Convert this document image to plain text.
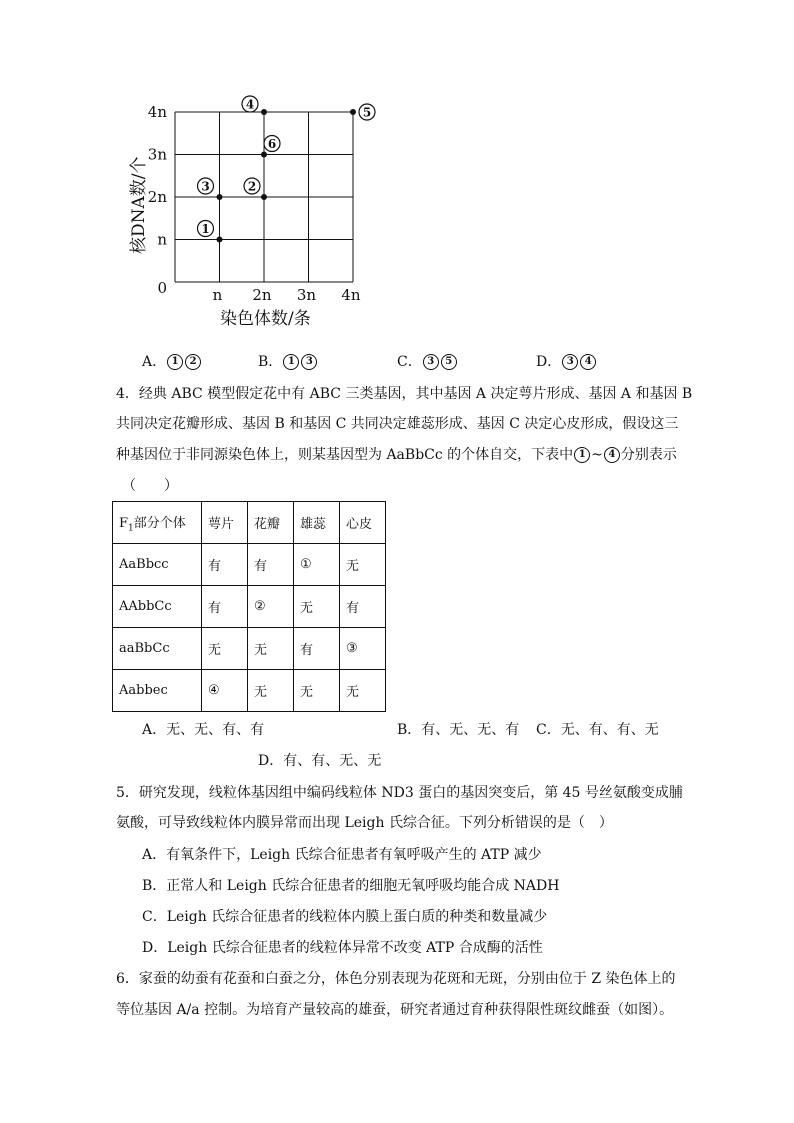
0
n
2n
3n
4n
n 2n 3n 4n
1
3	2
6
4
5
核DNA数/个
染色体数/条
A． 1 2	B． 1 3	C． 3 5	D． 3 4
4．经典 ABC 模型假定花中有 ABC 三类基因，其中基因 A 决定萼片形成、基因 A 和基因 B
共同决定花瓣形成、基因 B 和基因 C 共同决定雄蕊形成、基因 C 决定心皮形成，假设这三
种基因位于非同源染色体上，则某基因型为 AaBbCc 的个体自交，下表中 1 ~ 4 分别表示
（　　）
$F_1$部分个体	萼片	花瓣	雄蕊	心皮
AaBbcc	有	有	①	无
AAbbCc	有	②	无	有
aaBbCc	无	无	有	③
Aabbec	④	无	无	无
A．无、无、有、有	B．有、无、无、有 C．无、有、有、无
D．有、有、无、无
5．研究发现，线粒体基因组中编码线粒体 ND3 蛋白的基因突变后，第 45 号丝氨酸变成脯
氨酸，可导致线粒体内膜异常而出现 Leigh 氏综合征。下列分析错误的是（　）
A．有氧条件下，Leigh 氏综合征患者有氧呼吸产生的 ATP 减少
B．正常人和 Leigh 氏综合征患者的细胞无氧呼吸均能合成 NADH
C．Leigh 氏综合征患者的线粒体内膜上蛋白质的种类和数量减少
D．Leigh 氏综合征患者的线粒体异常不改变 ATP 合成酶的活性
6．家蚕的幼蚕有花蚕和白蚕之分，体色分别表现为花斑和无斑，分别由位于 Z 染色体上的
等位基因 A/a 控制。为培育产量较高的雄蚕，研究者通过育种获得限性斑纹雌蚕（如图）。
